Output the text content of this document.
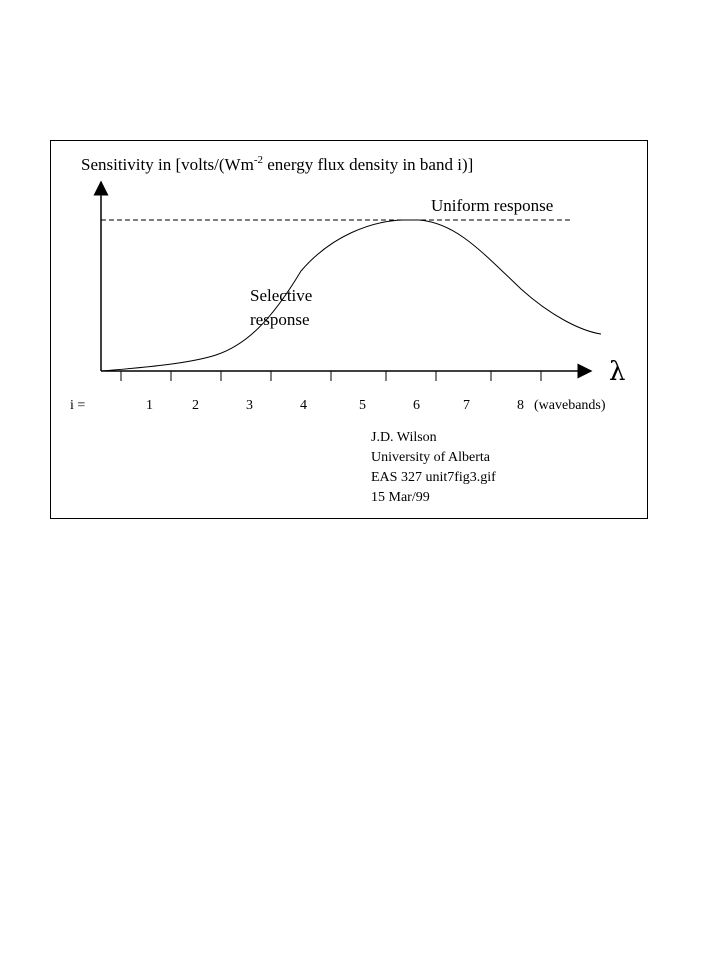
Sensitivity in [$volts/(Wm^{-2}$ energy flux density in band i)]
Uniform response
Selective
response
λ
i =	1	2	3	4	5	6	7	8 (wavebands)
J.D. Wilson
University of Alberta
EAS 327 unit7fig3.gif
15 Mar/99
